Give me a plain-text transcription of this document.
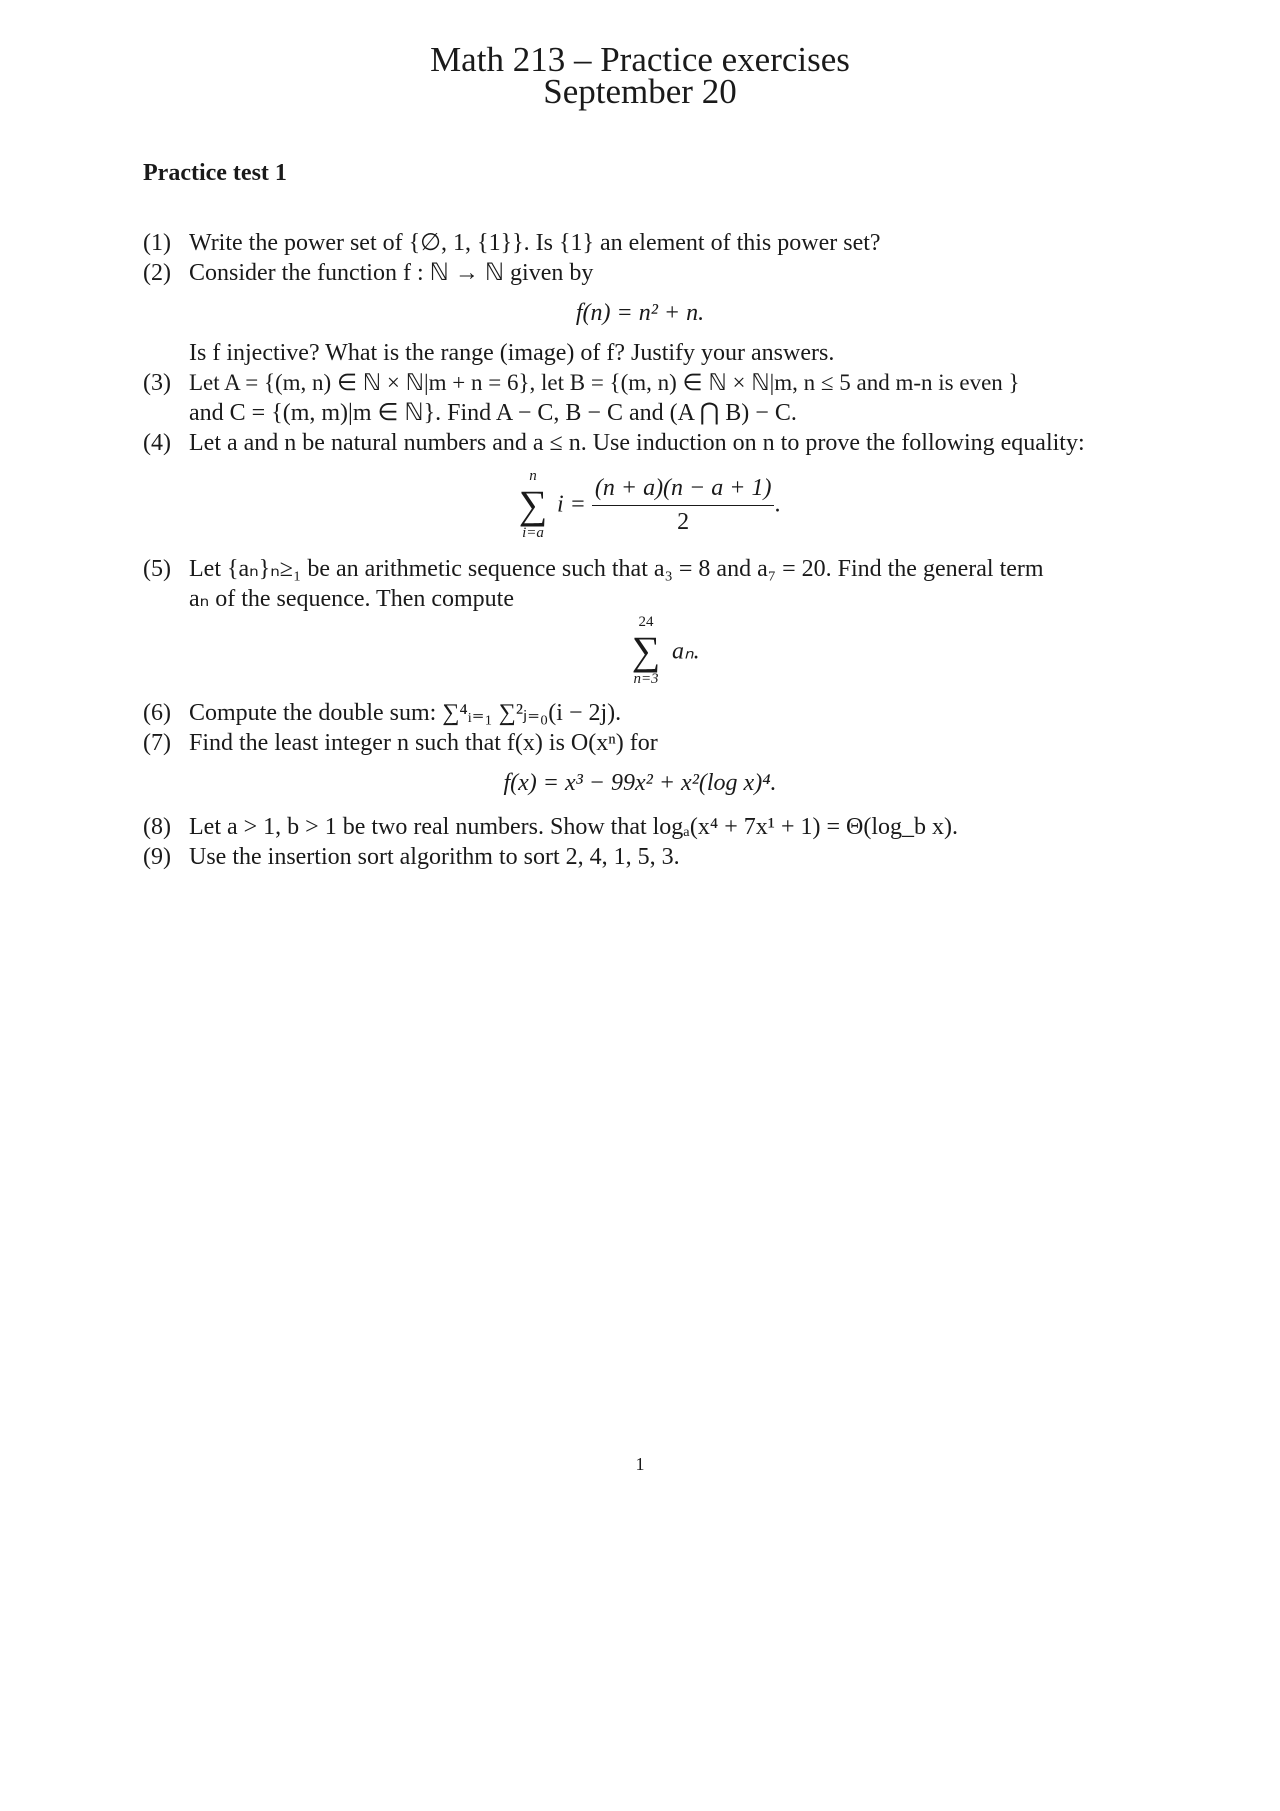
Math 213 – Practice exercises
September 20
Practice test 1
(1) Write the power set of {∅, 1, {1}}. Is {1} an element of this power set?
(2) Consider the function f : ℕ → ℕ given by
f(n) = n² + n.
Is f injective? What is the range (image) of f? Justify your answers.
(3) Let A = {(m, n) ∈ ℕ × ℕ|m + n = 6}, let B = {(m, n) ∈ ℕ × ℕ|m, n ≤ 5 and m-n is even }
and C = {(m, m)|m ∈ ℕ}. Find A − C, B − C and (A ⋂ B) − C.
(4) Let a and n be natural numbers and a ≤ n. Use induction on n to prove the following equality:
n
∑
i=a
$i = \frac{(n + a)(n - a + 1)}{2}$ .
(5) Let {aₙ}ₙ≥₁ be an arithmetic sequence such that a₃ = 8 and a₇ = 20. Find the general term
aₙ of the sequence. Then compute
24
∑
n=3
aₙ.
(6) Compute the double sum: ∑⁴ᵢ₌₁ ∑²ⱼ₌₀(i − 2j).
(7) Find the least integer n such that f(x) is O(xⁿ) for
f(x) = x³ − 99x² + x²(log x)⁴.
(8) Let a > 1, b > 1 be two real numbers. Show that logₐ(x⁴ + 7x¹ + 1) = Θ(log_b x).
(9) Use the insertion sort algorithm to sort 2, 4, 1, 5, 3.
1
